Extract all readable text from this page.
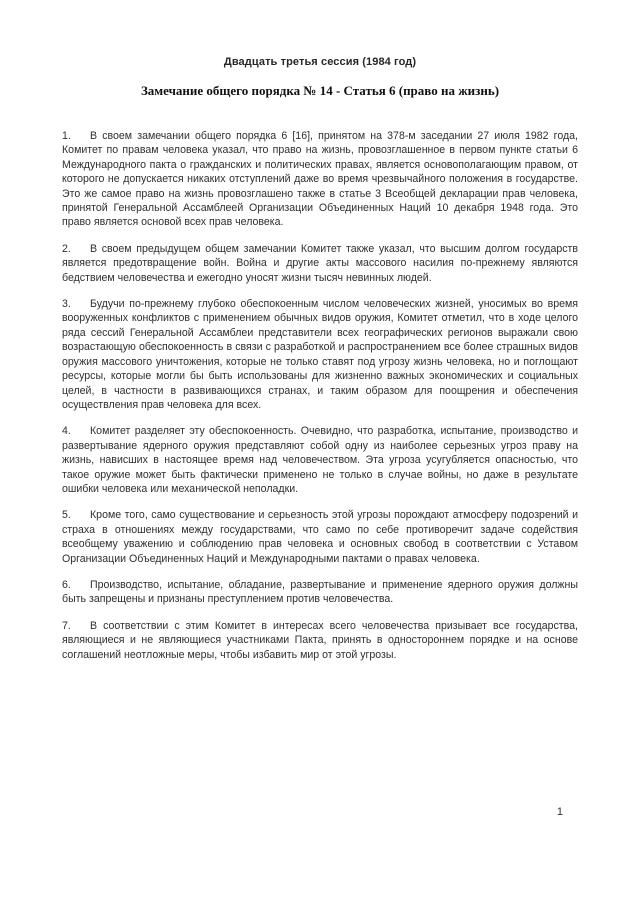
Двадцать третья сессия (1984 год)
Замечание общего порядка № 14 - Статья 6 (право на жизнь)

1. В своем замечании общего порядка 6 [16], принятом на 378-м заседании 27 июля 1982 года, Комитет по правам человека указал, что право на жизнь, провозглашенное в первом пункте статьи 6 Международного пакта о гражданских и политических правах, является основополагающим правом, от которого не допускается никаких отступлений даже во время чрезвычайного положения в государстве. Это же самое право на жизнь провозглашено также в статье 3 Всеобщей декларации прав человека, принятой Генеральной Ассамблеей Организации Объединенных Наций 10 декабря 1948 года. Это право является основой всех прав человека.

2. В своем предыдущем общем замечании Комитет также указал, что высшим долгом государств является предотвращение войн. Война и другие акты массового насилия по-прежнему являются бедствием человечества и ежегодно уносят жизни тысяч невинных людей.

3. Будучи по-прежнему глубоко обеспокоенным числом человеческих жизней, уносимых во время вооруженных конфликтов с применением обычных видов оружия, Комитет отметил, что в ходе целого ряда сессий Генеральной Ассамблеи представители всех географических регионов выражали свою возрастающую обеспокоенность в связи с разработкой и распространением все более страшных видов оружия массового уничтожения, которые не только ставят под угрозу жизнь человека, но и поглощают ресурсы, которые могли бы быть использованы для жизненно важных экономических и социальных целей, в частности в развивающихся странах, и таким образом для поощрения и обеспечения осуществления прав человека для всех.

4. Комитет разделяет эту обеспокоенность. Очевидно, что разработка, испытание, производство и развертывание ядерного оружия представляют собой одну из наиболее серьезных угроз праву на жизнь, нависших в настоящее время над человечеством. Эта угроза усугубляется опасностью, что такое оружие может быть фактически применено не только в случае войны, но даже в результате ошибки человека или механической неполадки.

5. Кроме того, само существование и серьезность этой угрозы порождают атмосферу подозрений и страха в отношениях между государствами, что само по себе противоречит задаче содействия всеобщему уважению и соблюдению прав человека и основных свобод в соответствии с Уставом Организации Объединенных Наций и Международными пактами о правах человека.

6. Производство, испытание, обладание, развертывание и применение ядерного оружия должны быть запрещены и признаны преступлением против человечества.

7. В соответствии с этим Комитет в интересах всего человечества призывает все государства, являющиеся и не являющиеся участниками Пакта, принять в одностороннем порядке и на основе соглашений неотложные меры, чтобы избавить мир от этой угрозы.

1
